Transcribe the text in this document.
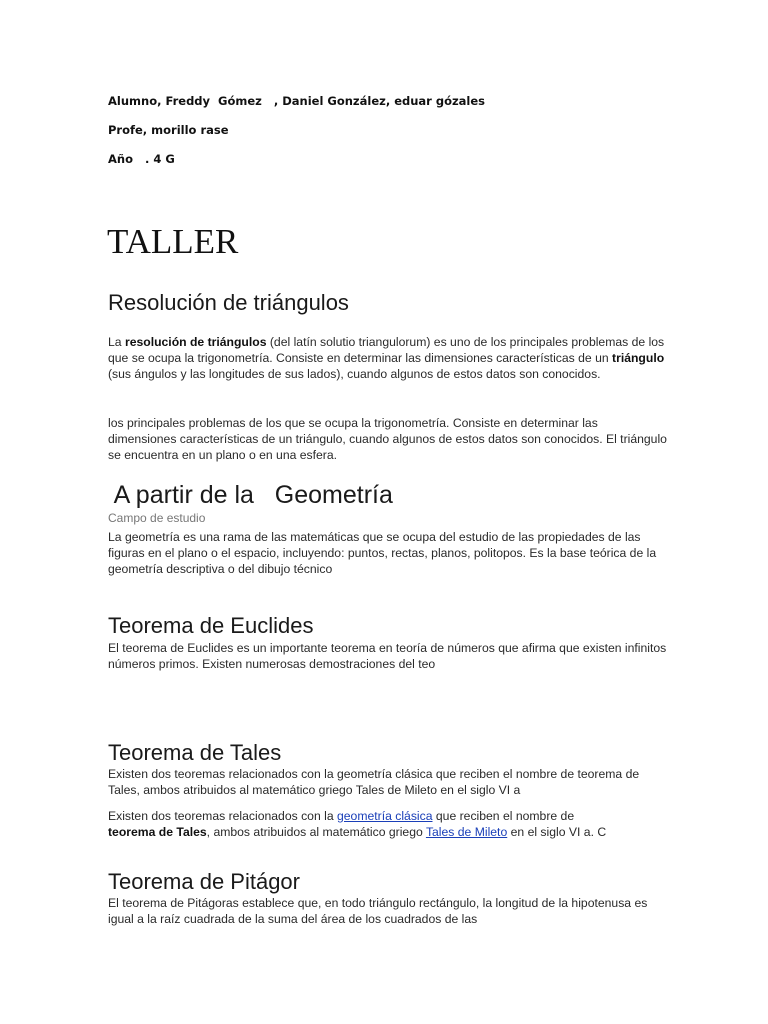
Alumno, Freddy  Gómez   , Daniel González, eduar gózales
Profe, morillo rase
Año   . 4 G
TALLER
Resolución de triángulos
La resolución de triángulos (del latín solutio triangulorum) es uno de los principales problemas de los que se ocupa la trigonometría. Consiste en determinar las dimensiones características de un triángulo (sus ángulos y las longitudes de sus lados), cuando algunos de estos datos son conocidos.
los principales problemas de los que se ocupa la trigonometría. Consiste en determinar las dimensiones características de un triángulo, cuando algunos de estos datos son conocidos. El triángulo se encuentra en un plano o en una esfera.
A partir de la   Geometría
Campo de estudio
La geometría es una rama de las matemáticas que se ocupa del estudio de las propiedades de las figuras en el plano o el espacio, incluyendo: puntos, rectas, planos, politopos. Es la base teórica de la geometría descriptiva o del dibujo técnico
Teorema de Euclides
El teorema de Euclides es un importante teorema en teoría de números que afirma que existen infinitos números primos. Existen numerosas demostraciones del teo
Teorema de Tales
Existen dos teoremas relacionados con la geometría clásica que reciben el nombre de teorema de Tales, ambos atribuidos al matemático griego Tales de Mileto en el siglo VI a
Existen dos teoremas relacionados con la geometría clásica que reciben el nombre de teorema de Tales, ambos atribuidos al matemático griego Tales de Mileto en el siglo VI a. C
Teorema de Pitágor
El teorema de Pitágoras establece que, en todo triángulo rectángulo, la longitud de la hipotenusa es igual a la raíz cuadrada de la suma del área de los cuadrados de las
